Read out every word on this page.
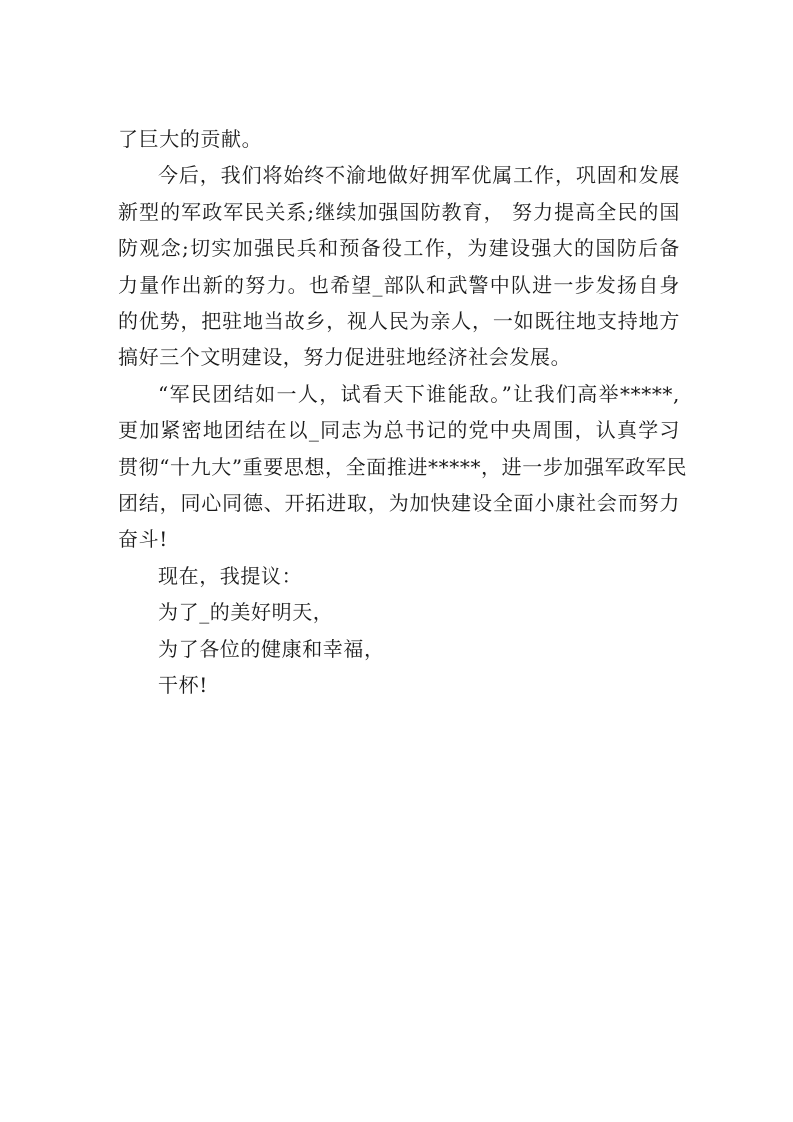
了巨大的贡献。

今后，我们将始终不渝地做好拥军优属工作，巩固和发展
新型的军政军民关系;继续加强国防教育， 努力提高全民的国
防观念;切实加强民兵和预备役工作，为建设强大的国防后备
力量作出新的努力。也希望_部队和武警中队进一步发扬自身
的优势，把驻地当故乡，视人民为亲人，一如既往地支持地方
搞好三个文明建设，努力促进驻地经济社会发展。

“军民团结如一人，试看天下谁能敌。”让我们高举*****,
更加紧密地团结在以_同志为总书记的党中央周围，认真学习
贯彻“十九大”重要思想，全面推进*****，进一步加强军政军民
团结，同心同德、开拓进取，为加快建设全面小康社会而努力
奋斗!

现在，我提议：

为了_的美好明天，

为了各位的健康和幸福，

干杯!
